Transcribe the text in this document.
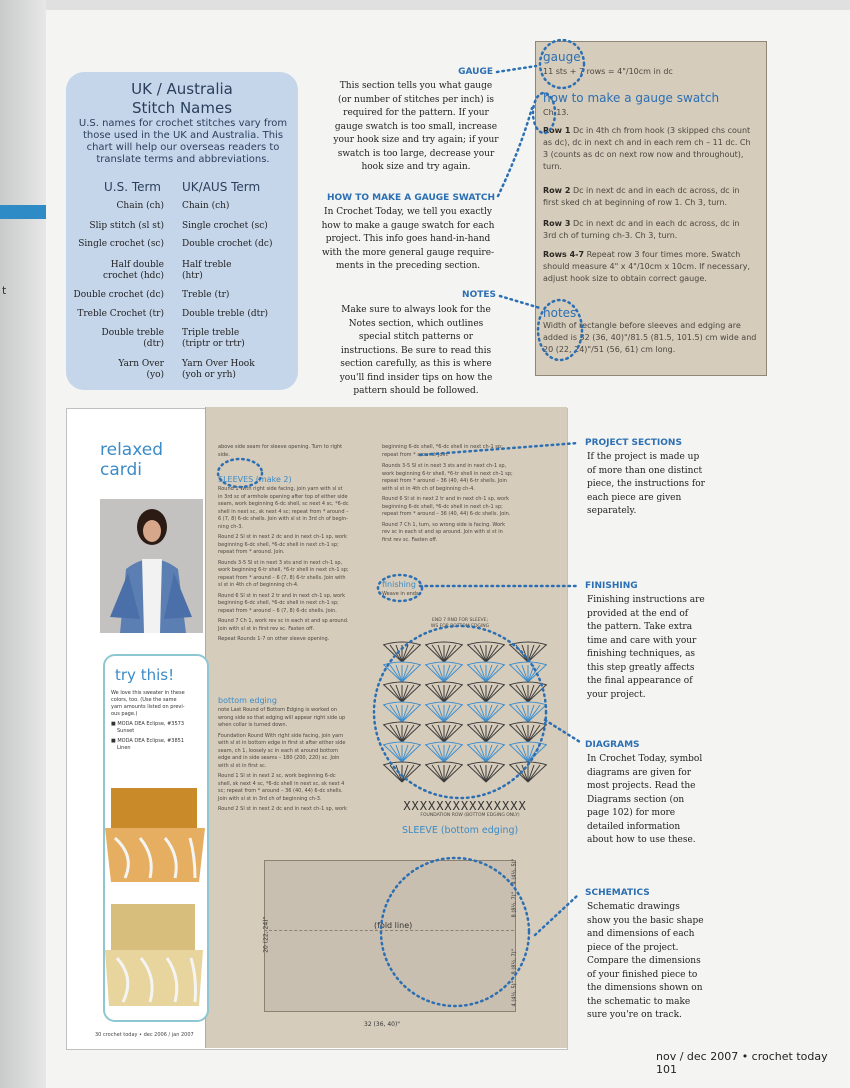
t
UK / Australia
Stitch Names
U.S. names for crochet stitches vary from
those used in the UK and Australia. This
chart will help our overseas readers to
translate terms and abbreviations.
U.S. Term UK/AUS Term
Chain (ch) Chain (ch)
Slip stitch (sl st) Single crochet (sc)
Single crochet (sc) Double crochet (dc)
Half double
crochet (hdc)
Half treble
(htr)
Double crochet (dc) Treble (tr)
Treble Crochet (tr) Double treble (dtr)
Double treble
(dtr)
Triple treble
(triptr or trtr)
Yarn Over
(yo)
Yarn Over Hook
(yoh or yrh)
GAUGE
This section tells you what gauge
(or number of stitches per inch) is
required for the pattern. If your
gauge swatch is too small, increase
your hook size and try again; if your
swatch is too large, decrease your
hook size and try again.
HOW TO MAKE A GAUGE SWATCH
In Crochet Today, we tell you exactly
how to make a gauge swatch for each
project. This info goes hand-in-hand
with the more general gauge require-
ments in the preceding section.
NOTES
Make sure to always look for the
Notes section, which outlines
special stitch patterns or
instructions. Be sure to read this
section carefully, as this is where
you'll find insider tips on how the
pattern should be followed.
gauge
11 sts + 7 rows = 4"/10cm in dc
how to make a gauge swatch
Ch 13.
Row 1 Dc in 4th ch from hook (3 skipped chs count
as dc), dc in next ch and in each rem ch – 11 dc. Ch
3 (counts as dc on next row now and throughout),
turn.
Row 2 Dc in next dc and in each dc across, dc in
first sked ch at beginning of row 1. Ch 3, turn.
Row 3 Dc in next dc and in each dc across, dc in
3rd ch of turning ch-3. Ch 3, turn.
Rows 4-7 Repeat row 3 four times more. Swatch
should measure 4" x 4"/10cm x 10cm. If necessary,
adjust hook size to obtain correct gauge.
notes
Width of rectangle before sleeves and edging are
added is 32 (36, 40)"/81.5 (81.5, 101.5) cm wide and
20 (22, 24)"/51 (56, 61) cm long.
relaxed
cardi
try this!
We love this sweater in these
colors, too. (Use the same
yarn amounts listed on previ-
ous page.)
■ MODA DEA Eclipse, #3573
Sunset
■ MODA DEA Eclipse, #3851
Linen
above side seam for sleeve opening. Turn to right
side.
SLEEVES (make 2)
Round 1 With right side facing, join yarn with sl st
in 3rd sc of armhole opening after top of either side
seam, work beginning 6-dc shell, sc next 4 sc, *6-dc
shell in next sc, sk next 4 sc; repeat from * around –
6 (7, 8) 6-dc shells. Join with sl st in 3rd ch of begin-
ning ch-3.
Round 2 Sl st in next 2 dc and in next ch-1 sp, work
beginning 6-dc shell, *6-dc shell in next ch-1 sp;
repeat from * around. Join.
Rounds 3-5 Sl st in next 3 sts and in next ch-1 sp,
work beginning 6-tr shell, *6-tr shell in next ch-1 sp;
repeat from * around – 6 (7, 8) 6-tr shells. Join with
sl st in 4th ch of beginning ch-4.
Round 6 Sl st in next 2 tr and in next ch-1 sp, work
beginning 6-dc shell, *6-dc shell in next ch-1 sp;
repeat from * around – 6 (7, 8) 6-dc shells. Join.
Round 7 Ch 1, work rev sc in each st and sp around.
Join with sl st in first rev sc. Fasten off.
Repeat Rounds 1-7 on other sleeve opening.
bottom edging
note Last Round of Bottom Edging is worked on
wrong side so that edging will appear right side up
when collar is turned down.
Foundation Round With right side facing, join yarn
with sl st in bottom edge in first st after either side
seam, ch 1, loosely sc in each st around bottom
edge and in side seams – 180 (200, 220) sc. Join
with sl st in first sc.
Round 1 Sl st in next 2 sc, work beginning 6-dc
shell, sk next 4 sc, *6-dc shell in next sc, sk next 4
sc; repeat from * around – 36 (40, 44) 6-dc shells.
Join with sl st in 3rd ch of beginning ch-3.
Round 2 Sl st in next 2 dc and in next ch-1 sp, work
beginning 6-dc shell, *6-dc shell in next ch-1 sp;
repeat from * around. Join.
Rounds 3-5 Sl st in next 3 sts and in next ch-1 sp,
work beginning 6-tr shell, *6-tr shell in next ch-1 sp;
repeat from * around – 36 (40, 44) 6-tr shells. Join
with sl st in 4th ch of beginning ch-4.
Round 6 Sl st in next 2 tr and in next ch-1 sp, work
beginning 6-dc shell, *6-dc shell in next ch-1 sp;
repeat from * around – 36 (40, 44) 6-dc shells. Join.
Round 7 Ch 1, turn, so wrong side is facing. Work
rev sc in each st and sp around. Join with sl st in
first rev sc. Fasten off.
finishing
Weave in ends.
END 7 RND FOR SLEEVE;
WS FOR BOTTOM EDGING
XXXXXXXXXXXXXXX
FOUNDATION ROW (BOTTOM EDGING ONLY)
SLEEVE (bottom edging)
(fold line)
20 (22, 24)"
32 (36, 40)"
4 (4½, 5)"
8 (8½, 7)"
8 (8½, 7)"
4 (4½, 5)"
30 crochet today • dec 2006 / jan 2007
PROJECT SECTIONS
If the project is made up
of more than one distinct
piece, the instructions for
each piece are given
separately.
FINISHING
Finishing instructions are
provided at the end of
the pattern. Take extra
time and care with your
finishing techniques, as
this step greatly affects
the final appearance of
your project.
DIAGRAMS
In Crochet Today, symbol
diagrams are given for
most projects. Read the
Diagrams section (on
page 102) for more
detailed information
about how to use these.
SCHEMATICS
Schematic drawings
show you the basic shape
and dimensions of each
piece of the project.
Compare the dimensions
of your finished piece to
the dimensions shown on
the schematic to make
sure you're on track.
nov / dec 2007 • crochet today 101
